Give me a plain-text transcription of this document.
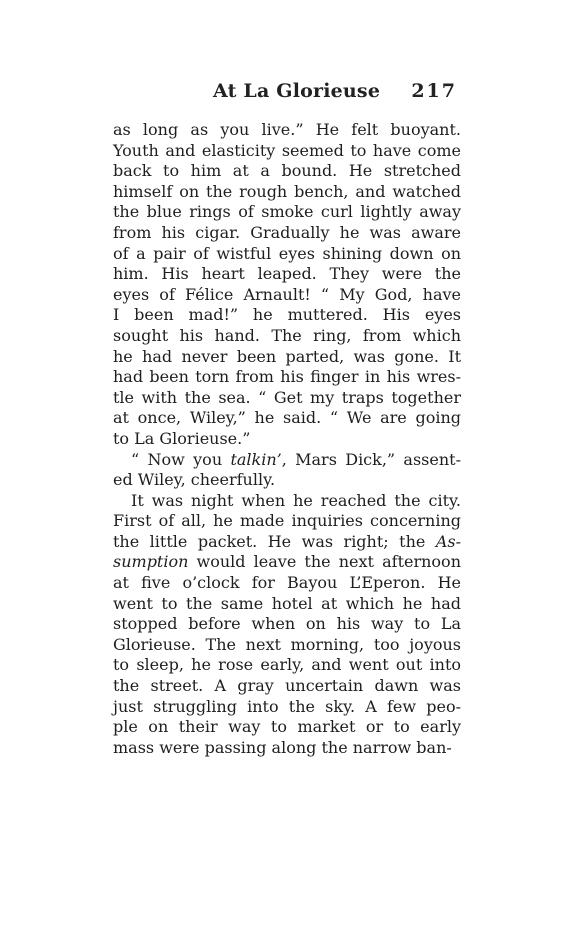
At La Glorieuse 217
as long as you live.” He felt buoyant.
Youth and elasticity seemed to have come
back to him at a bound. He stretched
himself on the rough bench, and watched
the blue rings of smoke curl lightly away
from his cigar. Gradually he was aware
of a pair of wistful eyes shining down on
him. His heart leaped. They were the
eyes of Félice Arnault! “ My God, have
I been mad!” he muttered. His eyes
sought his hand. The ring, from which
he had never been parted, was gone. It
had been torn from his finger in his wres-
tle with the sea. “ Get my traps together
at once, Wiley,” he said. “ We are going
to La Glorieuse.”
“ Now you talkin’, Mars Dick,” assent-
ed Wiley, cheerfully.
It was night when he reached the city.
First of all, he made inquiries concerning
the little packet. He was right; the As-
sumption would leave the next afternoon
at five o’clock for Bayou L’Eperon. He
went to the same hotel at which he had
stopped before when on his way to La
Glorieuse. The next morning, too joyous
to sleep, he rose early, and went out into
the street. A gray uncertain dawn was
just struggling into the sky. A few peo-
ple on their way to market or to early
mass were passing along the narrow ban-
